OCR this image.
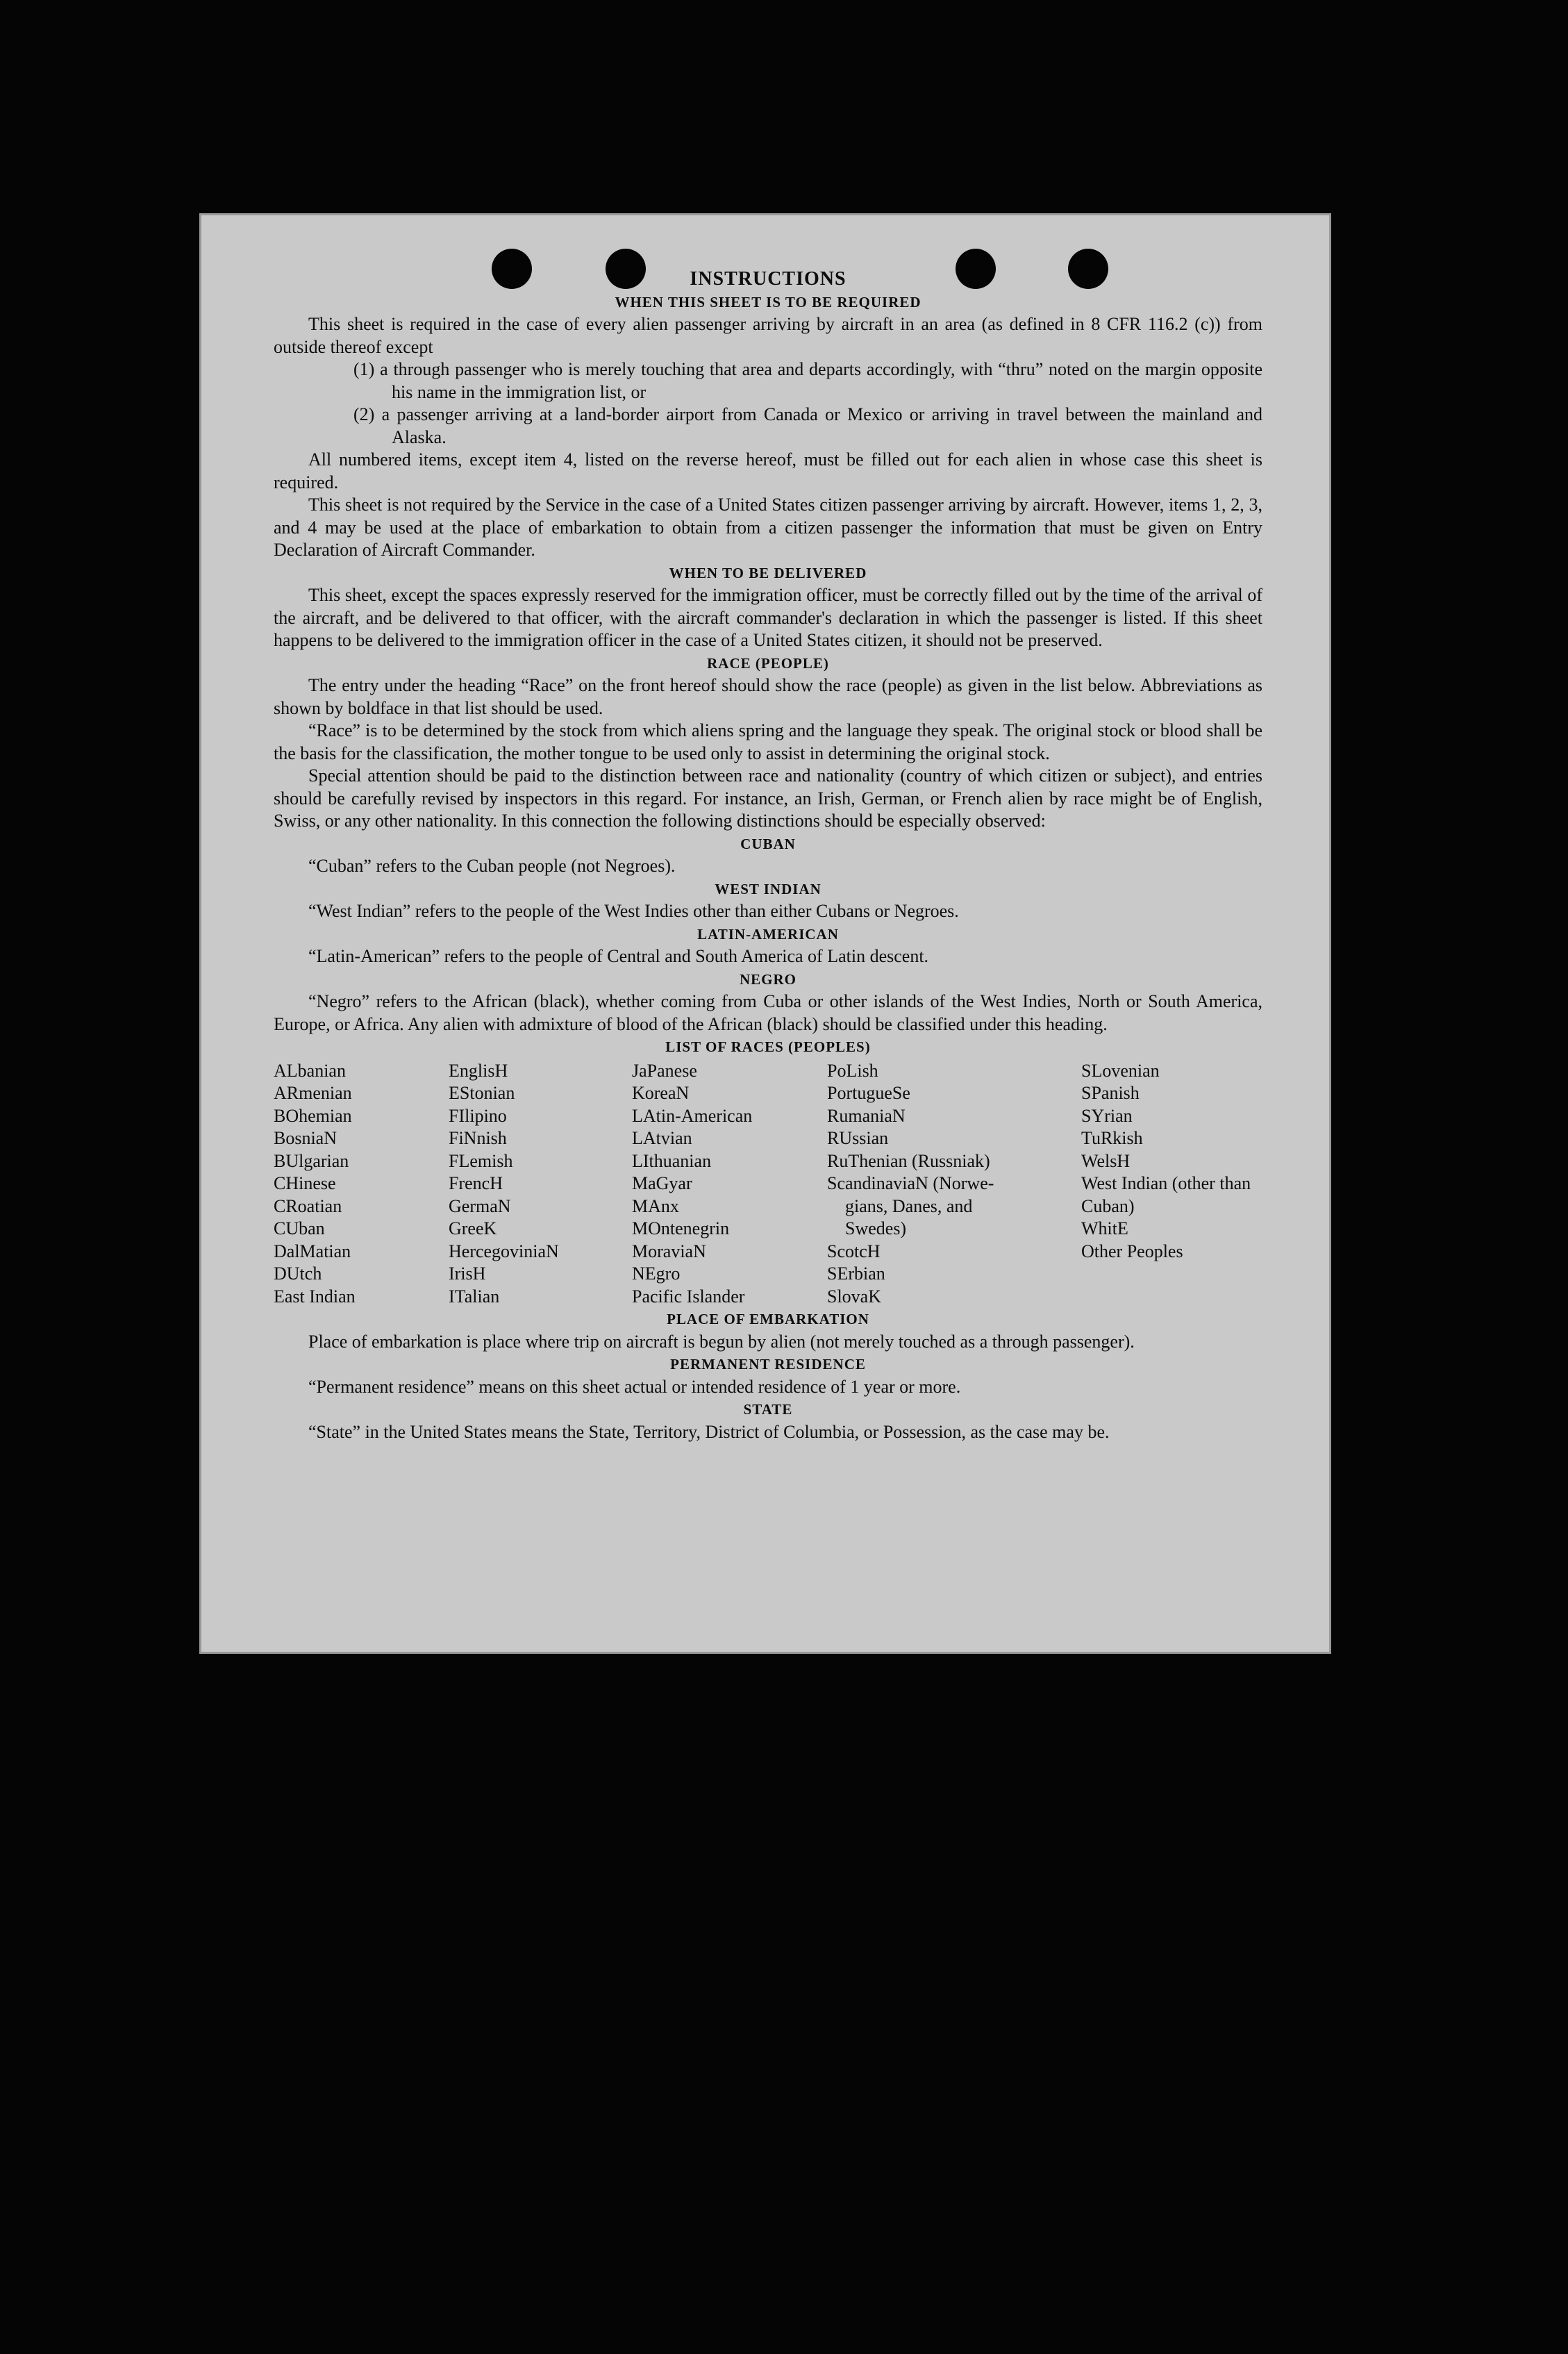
INSTRUCTIONS
WHEN THIS SHEET IS TO BE REQUIRED

This sheet is required in the case of every alien passenger arriving by aircraft in an area (as defined in 8 CFR 116.2 (c)) from outside thereof except

(1) a through passenger who is merely touching that area and departs accordingly, with “thru” noted on the margin opposite his name in the immigration list, or

(2) a passenger arriving at a land-border airport from Canada or Mexico or arriving in travel between the mainland and Alaska.

All numbered items, except item 4, listed on the reverse hereof, must be filled out for each alien in whose case this sheet is required.

This sheet is not required by the Service in the case of a United States citizen passenger arriving by aircraft. However, items 1, 2, 3, and 4 may be used at the place of embarkation to obtain from a citizen passenger the information that must be given on Entry Declaration of Aircraft Commander.

WHEN TO BE DELIVERED

This sheet, except the spaces expressly reserved for the immigration officer, must be correctly filled out by the time of the arrival of the aircraft, and be delivered to that officer, with the aircraft commander's declaration in which the passenger is listed. If this sheet happens to be delivered to the immigration officer in the case of a United States citizen, it should not be preserved.

RACE (PEOPLE)

The entry under the heading “Race” on the front hereof should show the race (people) as given in the list below. Abbreviations as shown by boldface in that list should be used.

“Race” is to be determined by the stock from which aliens spring and the language they speak. The original stock or blood shall be the basis for the classification, the mother tongue to be used only to assist in determining the original stock.

Special attention should be paid to the distinction between race and nationality (country of which citizen or subject), and entries should be carefully revised by inspectors in this regard. For instance, an Irish, German, or French alien by race might be of English, Swiss, or any other nationality. In this connection the following distinctions should be especially observed:

CUBAN

“Cuban” refers to the Cuban people (not Negroes).

WEST INDIAN

“West Indian” refers to the people of the West Indies other than either Cubans or Negroes.

LATIN-AMERICAN

“Latin-American” refers to the people of Central and South America of Latin descent.

NEGRO

“Negro” refers to the African (black), whether coming from Cuba or other islands of the West Indies, North or South America, Europe, or Africa. Any alien with admixture of blood of the African (black) should be classified under this heading.

LIST OF RACES (PEOPLES)
ALbanian
ARmenian
BOhemian
BosniaN
BUlgarian
CHinese
CRoatian
CUban
DalMatian
DUtch
East Indian
EnglisH
EStonian
FIlipino
FiNnish
FLemish
FrencH
GermaN
GreeK
HercegoviniaN
IrisH
ITalian
JaPanese
KoreaN
LAtin-American
LAtvian
LIthuanian
MaGyar
MAnx
MOntenegrin
MoraviaN
NEgro
Pacific Islander
PoLish
PortugueSe
RumaniaN
RUssian
RuThenian (Russniak)
ScandinaviaN (Norwe-
gians, Danes, and
Swedes)
ScotcH
SErbian
SlovaK
SLovenian
SPanish
SYrian
TuRkish
WelsH
West Indian (other than Cuban)
WhitE
Other Peoples
PLACE OF EMBARKATION

Place of embarkation is place where trip on aircraft is begun by alien (not merely touched as a through passenger).

PERMANENT RESIDENCE

“Permanent residence” means on this sheet actual or intended residence of 1 year or more.

STATE

“State” in the United States means the State, Territory, District of Columbia, or Possession, as the case may be.
